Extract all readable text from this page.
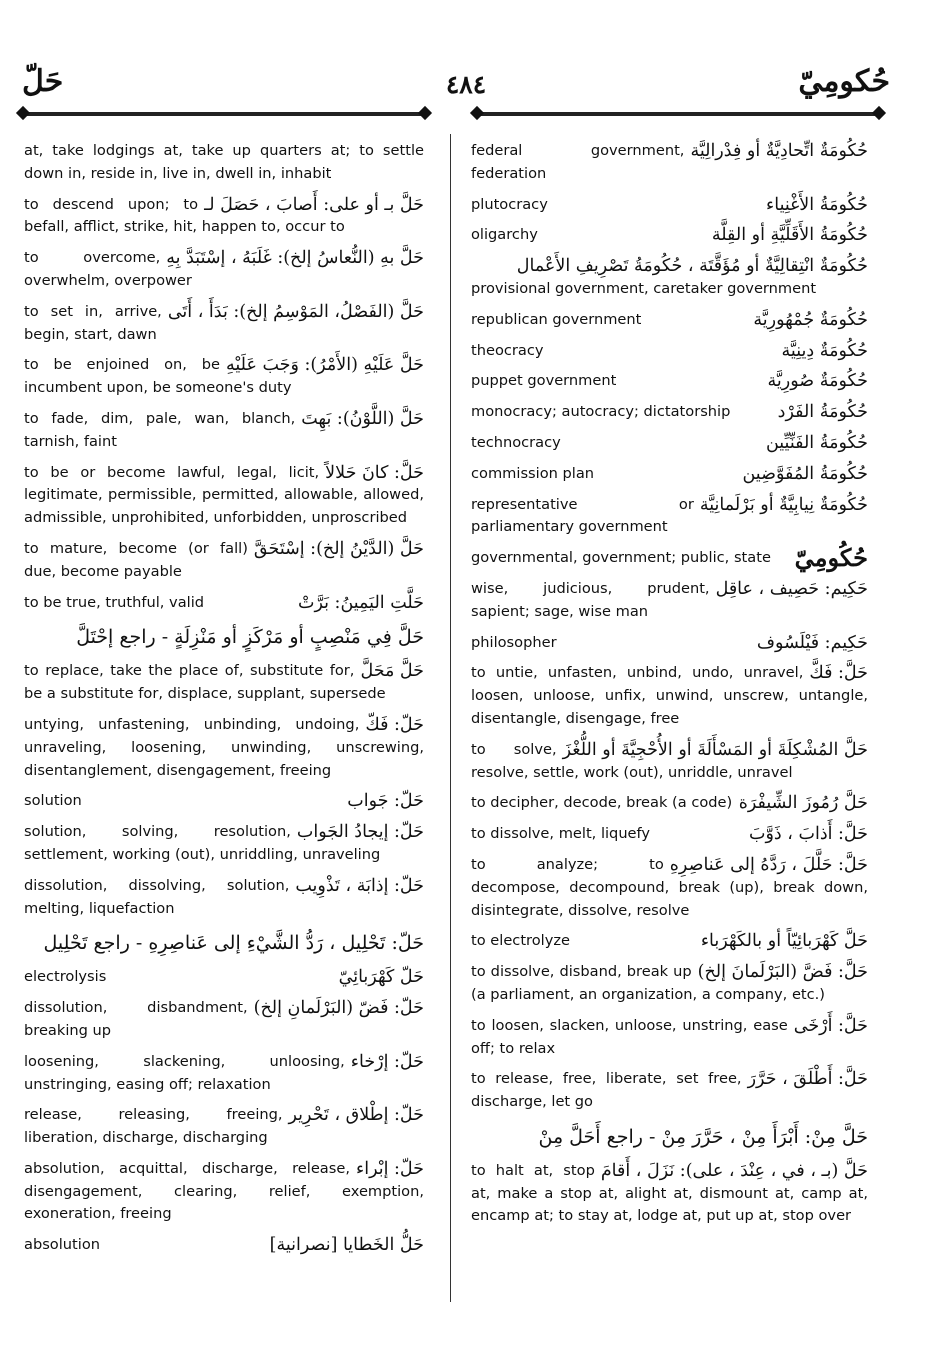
حَلّ	٤٨٤	حُكومِيّ
at, take lodgings at, take up quarters at; to settle down in, reside in, live in, dwell in, inhabit
حَلَّ بـ أو على: أَصابَ ، حَصَلَ لـ
to descend upon; to befall, afflict, strike, hit, happen to, occur to
حَلَّ بهِ (النُّعاسُ إلخ): غَلَبَهُ ، إسْتَبَدَّ بِهِ
to overcome, overwhelm, overpower
حَلَّ (الفَصْلُ، المَوْسِمُ إلخ): بَدَأَ ، أَتَى
to set in, arrive, begin, start, dawn
حَلَّ عَلَيْهِ (الأَمْرُ): وَجَبَ عَلَيْهِ
to be enjoined on, be incumbent upon, be someone's duty
حَلَّ (اللَّوْنُ): بَهِتَ
to fade, dim, pale, wan, blanch, tarnish, faint
حَلَّ: كانَ حَلالاً
to be or become lawful, legal, licit, legitimate, permissible, permitted, allowable, allowed, admissible, unprohibited, unforbidden, unproscribed
حَلَّ (الدَّيْنُ إلخ): إسْتَحَقَّ
to mature, become (or fall) due, become payable
حَلَّتِ اليَمِينُ: بَرَّتْ
to be true, truthful, valid
حَلَّ فِي مَنْصِبٍ أو مَرْكَزٍ أو مَنْزِلَةٍ - راجع إحْتَلَّ
حَلَّ مَحَلَّ
to replace, take the place of, substitute for, be a substitute for, displace, supplant, supersede
حَلّ: فَكّ
untying, unfastening, unbinding, undoing, unraveling, loosening, unwinding, unscrewing, disentanglement, disengagement, freeing
حَلّ: جَواب
solution
حَلّ: إيجادُ الجَواب
solution, solving, resolution, settlement, working (out), unriddling, unraveling
حَلّ: إذابَة ، تَذْوِيب
dissolution, dissolving, solution, melting, liquefaction
حَلّ: تَحْلِيل ، رَدُّ الشَّيْءِ إلى عَناصِرِهِ - راجع تَحْلِيل
حَلّ كَهْرَبائِيّ
electrolysis
حَلّ: فَضّ (البَرْلَمانِ إلخ)
dissolution, disbandment, breaking up
حَلّ: إرْخاء
loosening, slackening, unloosing, unstringing, easing off; relaxation
حَلّ: إطْلاق ، تَحْرِير
release, releasing, freeing, liberation, discharge, discharging
حَلّ: إبْراء
absolution, acquittal, discharge, release, disengagement, clearing, relief, exemption, exoneration, freeing
حَلُّ الخَطايا [نصرانية]
absolution
حُكُومَةٌ اتِّحادِيَّةٌ أو فِدْرالِيَّة
federal government, federation
حُكُومَةُ الأَغْنِياء
plutocracy
حُكُومَةُ الأَقَلِّيَّةِ أو القِلَّة
oligarchy
حُكُومَةٌ انْتِقالِيَّةٌ أو مُؤَقَّتَة ، حُكُومَةُ تَصْرِيفِ الأَعْمال
provisional government, caretaker government
حُكُومَةٌ جُمْهُورِيَّة
republican government
حُكُومَةٌ دِينِيَّة
theocracy
حُكُومَةٌ صُورِيَّة
puppet government
حُكُومَةُ الفَرْد
monocracy; autocracy; dictatorship
حُكُومَةُ الفَنِّيِّين
technocracy
حُكُومَةُ المُفَوَّضِين
commission plan
حُكُومَةٌ نِيابِيَّةٌ أو بَرْلَمانِيَّة
representative or parliamentary government
حُكُومِيّ
governmental, government; public, state
حَكِيم: حَصِيف ، عاقِل
wise, judicious, prudent, sapient; sage, wise man
حَكِيم: فَيْلَسُوف
philosopher
حَلَّ: فَكَّ
to untie, unfasten, unbind, undo, unravel, loosen, unloose, unfix, unwind, unscrew, untangle, disentangle, disengage, free
حَلَّ المُشْكِلَةَ أو المَسْأَلَةَ أو الأُحْجِيَّةَ أو اللُّغْزَ
to solve, resolve, settle, work (out), unriddle, unravel
حَلَّ رُمُوزَ الشِّيفْرَة
to decipher, decode, break (a code)
حَلَّ: أَذابَ ، ذَوَّبَ
to dissolve, melt, liquefy
حَلَّ: حَلَّلَ ، رَدَّهُ إلى عَناصِرِهِ
to analyze; to decompose, decompound, break (up), break down, disintegrate, dissolve, resolve
حَلَّ كَهْرَبائِيّاً أو بالكَهْرَباء
to electrolyze
حَلَّ: فَضَّ (البَرْلَمانَ إلخ)
to dissolve, disband, break up (a parliament, an organization, a company, etc.)
حَلَّ: أَرْخَى
to loosen, slacken, unloose, unstring, ease off; to relax
حَلَّ: أَطْلَقَ ، حَرَّرَ
to release, free, liberate, set free, discharge, let go
حَلَّ مِنْ: أَبْرَأَ مِنْ ، حَرَّرَ مِنْ - راجع أَحَلَّ مِنْ
حَلَّ (بـ ، في ، عِنْدَ ، على): نَزَلَ ، أَقامَ
to halt at, stop at, make a stop at, alight at, dismount at, camp at, encamp at; to stay at, lodge at, put up at, stop over
